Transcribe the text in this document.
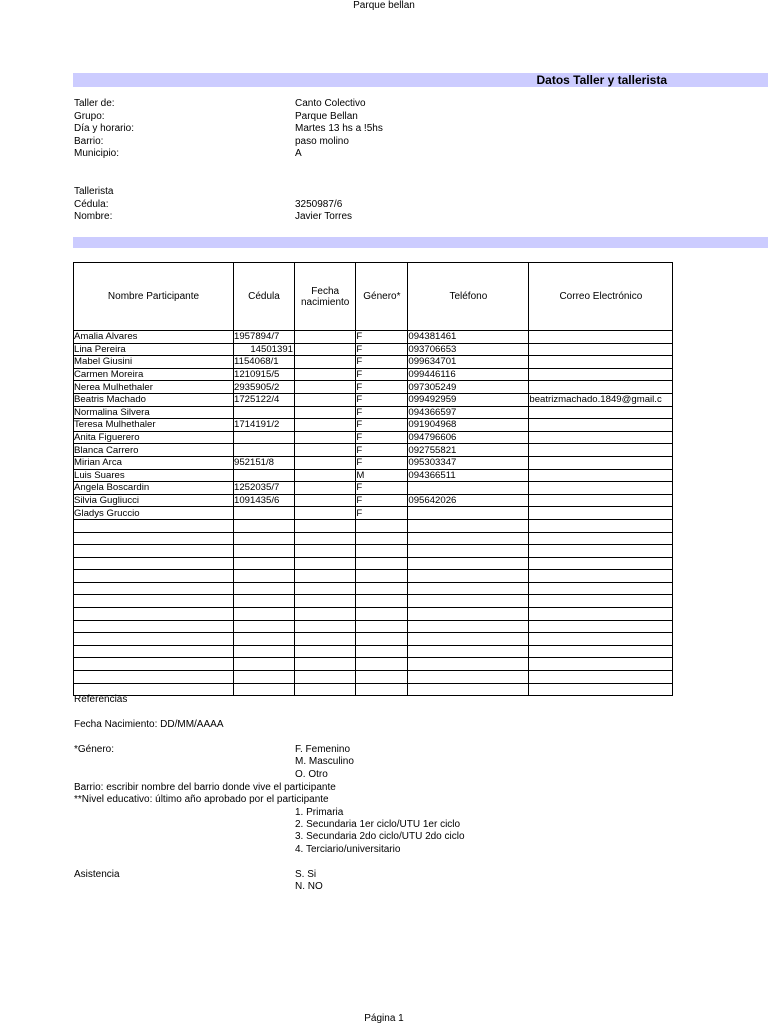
Parque bellan
Datos Taller y tallerista
Taller de:	Canto Colectivo
Grupo:	Parque Bellan
Día y horario:	Martes 13 hs a !5hs
Barrio:	paso molino
Municipio:	A
Tallerista
Cédula:	3250987/6
Nombre:	Javier Torres
Nombre Participante	Cédula	Fecha nacimiento	Género*	Teléfono	Correo Electrónico
Amalia Alvares	1957894/7		F	094381461	
Lina Pereira	14501391		F	093706653	
Mabel Giusini	1154068/1		F	099634701	
Carmen Moreira	1210915/5		F	099446116	
Nerea Mulhethaler	2935905/2		F	097305249	
Beatris Machado	1725122/4		F	099492959	beatrizmachado.1849@gmail.c
Normalina Silvera			F	094366597	
Teresa Mulhethaler	1714191/2		F	091904968	
Anita Figuerero			F	094796606	
Blanca Carrero			F	092755821	
Mirian Arca	952151/8		F	095303347	
Luis Suares			M	094366511	
Angela Boscardin	1252035/7		F		
Silvia Gugliucci	1091435/6		F	095642026	
Gladys Gruccio			F		

Referencias
Fecha Nacimiento: DD/MM/AAAA
*Género:	F. Femenino
M. Masculino
O. Otro
Barrio: escribir nombre del barrio donde vive el participante
**Nivel educativo: último año aprobado por el participante
1. Primaria
2. Secundaria 1er ciclo/UTU 1er ciclo
3. Secundaria 2do ciclo/UTU 2do ciclo
4. Terciario/universitario
Asistencia	S. Si
N. NO
Página 1
